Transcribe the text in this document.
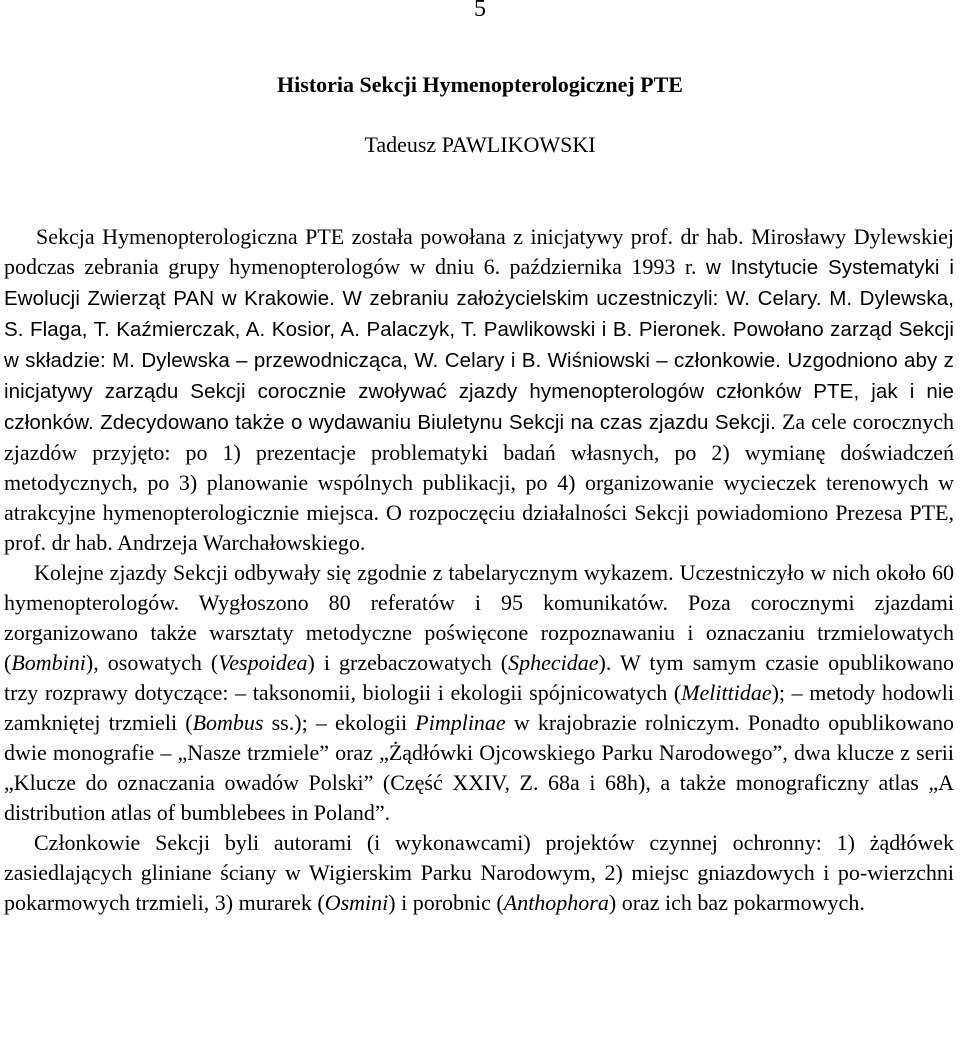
5
Historia Sekcji Hymenopterologicznej PTE
Tadeusz PAWLIKOWSKI

Sekcja Hymenopterologiczna PTE została powołana z inicjatywy prof. dr hab. Mirosławy Dylewskiej podczas zebrania grupy hymenopterologów w dniu 6. października 1993 r. w Instytucie Systematyki i Ewolucji Zwierząt PAN w Krakowie. W zebraniu założycielskim uczestniczyli: W. Celary. M. Dylewska, S. Flaga, T. Kaźmierczak, A. Kosior, A. Palaczyk, T. Pawlikowski i B. Pieronek. Powołano zarząd Sekcji w składzie: M. Dylewska – przewodnicząca, W. Celary i B. Wiśniowski – członkowie. Uzgodniono aby z inicjatywy zarządu Sekcji corocznie zwoływać zjazdy hymenopterologów członków PTE, jak i nie członków. Zdecydowano także o wydawaniu Biuletynu Sekcji na czas zjazdu Sekcji. Za cele corocznych zjazdów przyjęto: po 1) prezentacje problematyki badań własnych, po 2) wymianę doświadczeń metodycznych, po 3) planowanie wspólnych publikacji, po 4) organizowanie wycieczek terenowych w atrakcyjne hymenopterologicznie miejsca. O rozpoczęciu działalności Sekcji powiadomiono Prezesa PTE, prof. dr hab. Andrzeja Warchałowskiego.

Kolejne zjazdy Sekcji odbywały się zgodnie z tabelarycznym wykazem. Uczestniczyło w nich około 60 hymenopterologów. Wygłoszono 80 referatów i 95 komunikatów. Poza corocznymi zjazdami zorganizowano także warsztaty metodyczne poświęcone rozpoznawaniu i oznaczaniu trzmielowatych (Bombini), osowatych (Vespoidea) i grzebaczowatych (Sphecidae). W tym samym czasie opublikowano trzy rozprawy dotyczące: – taksonomii, biologii i ekologii spójnicowatych (Melittidae); – metody hodowli zamkniętej trzmieli (Bombus ss.); – ekologii Pimplinae w krajobrazie rolniczym. Ponadto opublikowano dwie monografie – „Nasze trzmiele” oraz „Żądłówki Ojcowskiego Parku Narodowego”, dwa klucze z serii „Klucze do oznaczania owadów Polski” (Część XXIV, Z. 68a i 68h), a także monograficzny atlas „A distribution atlas of bumblebees in Poland”.

Członkowie Sekcji byli autorami (i wykonawcami) projektów czynnej ochronny: 1) żądłówek zasiedlających gliniane ściany w Wigierskim Parku Narodowym, 2) miejsc gniazdowych i po-wierzchni pokarmowych trzmieli, 3) murarek (Osmini) i porobnic (Anthophora) oraz ich baz pokarmowych.
